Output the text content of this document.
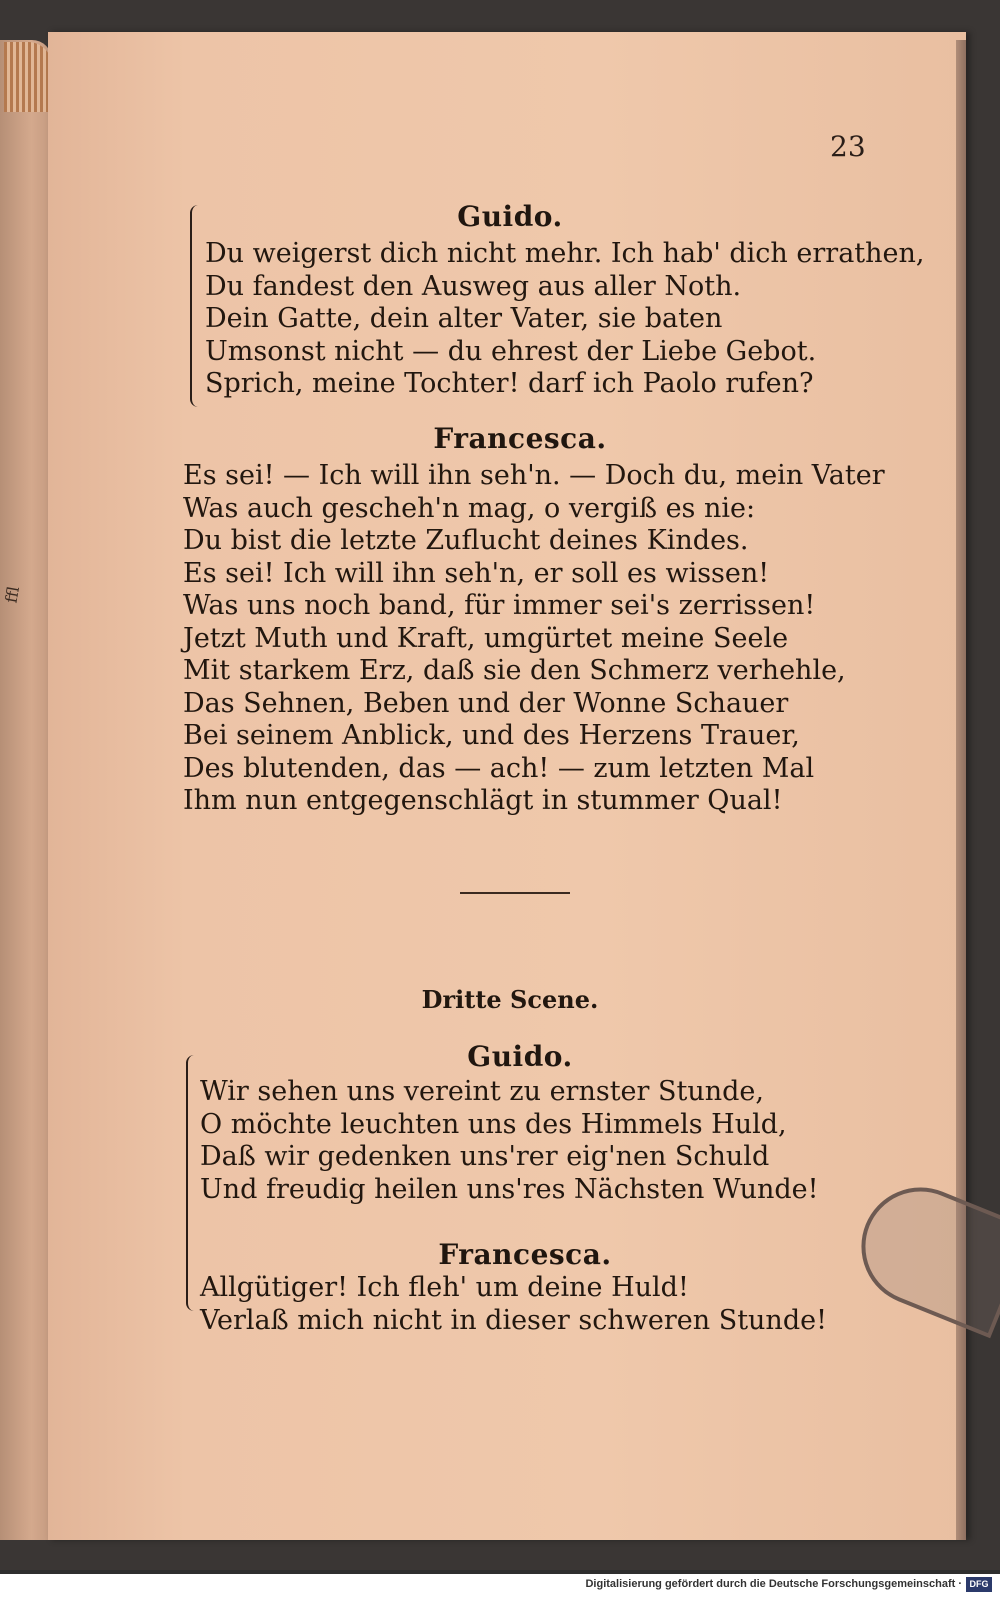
ffl
23
Guido.
Du weigerst dich nicht mehr. Ich hab' dich errathen,
Du fandest den Ausweg aus aller Noth.
Dein Gatte, dein alter Vater, sie baten
Umsonst nicht — du ehrest der Liebe Gebot.
Sprich, meine Tochter! darf ich Paolo rufen?
Francesca.
Es sei! — Ich will ihn seh'n. — Doch du, mein Vater
Was auch gescheh'n mag, o vergiß es nie:
Du bist die letzte Zuflucht deines Kindes.
Es sei! Ich will ihn seh'n, er soll es wissen!
Was uns noch band, für immer sei's zerrissen!
Jetzt Muth und Kraft, umgürtet meine Seele
Mit starkem Erz, daß sie den Schmerz verhehle,
Das Sehnen, Beben und der Wonne Schauer
Bei seinem Anblick, und des Herzens Trauer,
Des blutenden, das — ach! — zum letzten Mal
Ihm nun entgegenschlägt in stummer Qual!
Dritte Scene.
Guido.
Wir sehen uns vereint zu ernster Stunde,
O möchte leuchten uns des Himmels Huld,
Daß wir gedenken uns'rer eig'nen Schuld
Und freudig heilen uns'res Nächsten Wunde!
Francesca.
Allgütiger! Ich fleh' um deine Huld!
Verlaß mich nicht in dieser schweren Stunde!
Digitalisierung gefördert durch die Deutsche Forschungsgemeinschaft · DFG
